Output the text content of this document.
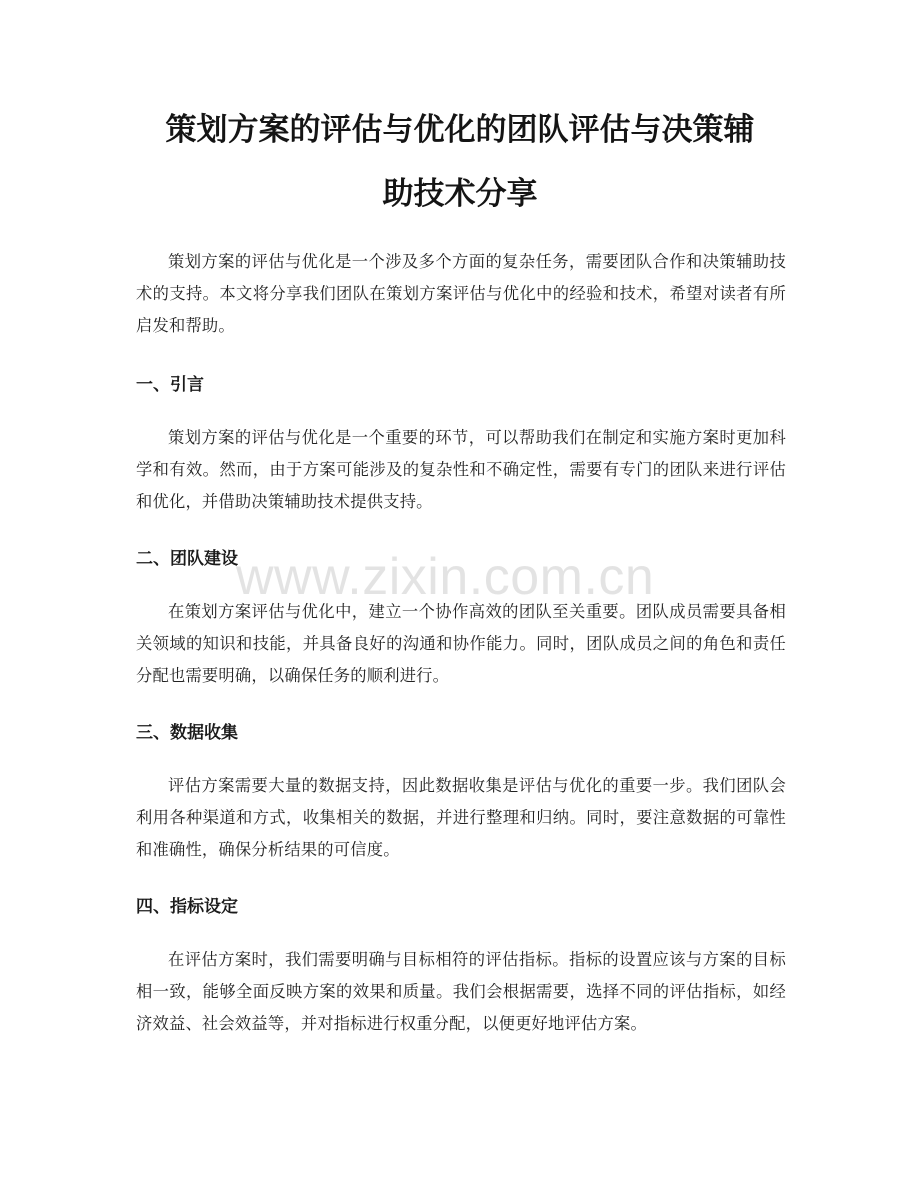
策划方案的评估与优化的团队评估与决策辅
助技术分享

策划方案的评估与优化是一个涉及多个方面的复杂任务，需要团队合作和决策辅助技术的支持。本文将分享我们团队在策划方案评估与优化中的经验和技术，希望对读者有所启发和帮助。

一、引言

策划方案的评估与优化是一个重要的环节，可以帮助我们在制定和实施方案时更加科学和有效。然而，由于方案可能涉及的复杂性和不确定性，需要有专门的团队来进行评估和优化，并借助决策辅助技术提供支持。

二、团队建设

在策划方案评估与优化中，建立一个协作高效的团队至关重要。团队成员需要具备相关领域的知识和技能，并具备良好的沟通和协作能力。同时，团队成员之间的角色和责任分配也需要明确，以确保任务的顺利进行。

三、数据收集

评估方案需要大量的数据支持，因此数据收集是评估与优化的重要一步。我们团队会利用各种渠道和方式，收集相关的数据，并进行整理和归纳。同时，要注意数据的可靠性和准确性，确保分析结果的可信度。

四、指标设定

在评估方案时，我们需要明确与目标相符的评估指标。指标的设置应该与方案的目标相一致，能够全面反映方案的效果和质量。我们会根据需要，选择不同的评估指标，如经济效益、社会效益等，并对指标进行权重分配，以便更好地评估方案。

www.zixin.com.cn
